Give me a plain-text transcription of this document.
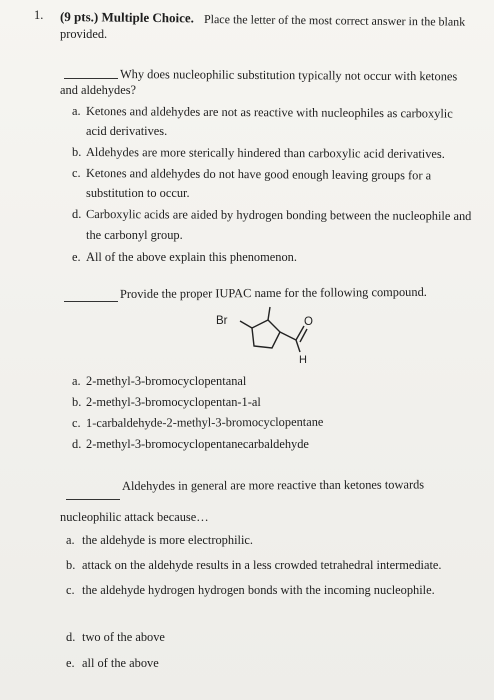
1. (9 pts.) Multiple Choice. Place the letter of the most correct answer in the blank
provided.
Why does nucleophilic substitution typically not occur with ketones
and aldehydes?
a. Ketones and aldehydes are not as reactive with nucleophiles as carboxylic
acid derivatives.
b. Aldehydes are more sterically hindered than carboxylic acid derivatives.
c. Ketones and aldehydes do not have good enough leaving groups for a
substitution to occur.
d. Carboxylic acids are aided by hydrogen bonding between the nucleophile and
the carbonyl group.
e. All of the above explain this phenomenon.
Provide the proper IUPAC name for the following compound.
Br	O
H
a. 2-methyl-3-bromocyclopentanal
b. 2-methyl-3-bromocyclopentan-1-al
c. 1-carbaldehyde-2-methyl-3-bromocyclopentane
d. 2-methyl-3-bromocyclopentanecarbaldehyde
Aldehydes in general are more reactive than ketones towards
nucleophilic attack because…
a. the aldehyde is more electrophilic.
b. attack on the aldehyde results in a less crowded tetrahedral intermediate.
c. the aldehyde hydrogen hydrogen bonds with the incoming nucleophile.
d. two of the above
e. all of the above
